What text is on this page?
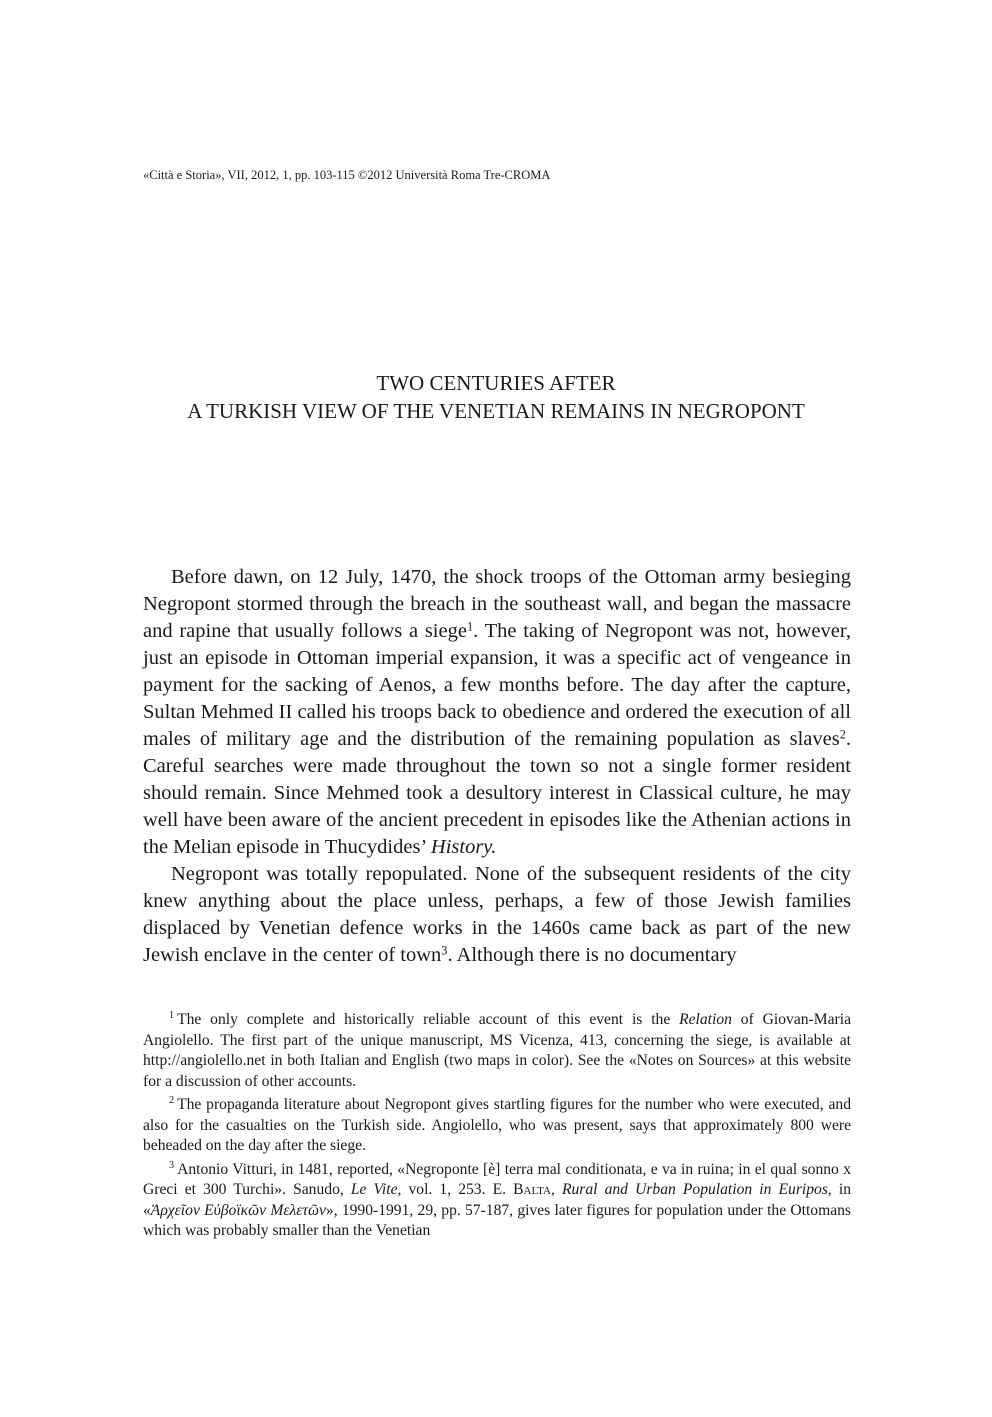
«Città e Storia», VII, 2012, 1, pp. 103-115 ©2012 Università Roma Tre-CROMA
TWO CENTURIES AFTER
A TURKISH VIEW OF THE VENETIAN REMAINS IN NEGROPONT

Before dawn, on 12 July, 1470, the shock troops of the Ottoman army besieging Negropont stormed through the breach in the southeast wall, and began the massacre and rapine that usually follows a siege$^1$. The taking of Negropont was not, however, just an episode in Ottoman imperial expansion, it was a specific act of vengeance in payment for the sacking of Aenos, a few months before. The day after the capture, Sultan Mehmed II called his troops back to obedience and ordered the execution of all males of military age and the distribution of the remaining population as slaves$^2$. Careful searches were made throughout the town so not a single former resident should remain. Since Mehmed took a desultory interest in Classical culture, he may well have been aware of the ancient precedent in episodes like the Athenian actions in the Melian episode in Thucydides’ History.

Negropont was totally repopulated. None of the subsequent residents of the city knew anything about the place unless, perhaps, a few of those Jewish families displaced by Venetian defence works in the 1460s came back as part of the new Jewish enclave in the center of town$^3$. Although there is no documentary

$^1$ The only complete and historically reliable account of this event is the Relation of Giovan-Maria Angiolello. The first part of the unique manuscript, MS Vicenza, 413, concerning the siege, is available at http://angiolello.net in both Italian and English (two maps in color). See the «Notes on Sources» at this website for a discussion of other accounts.

$^2$ The propaganda literature about Negropont gives startling figures for the number who were executed, and also for the casualties on the Turkish side. Angiolello, who was present, says that approximately 800 were beheaded on the day after the siege.

$^3$ Antonio Vitturi, in 1481, reported, «Negroponte [è] terra mal conditionata, e va in ruina; in el qual sonno x Greci et 300 Turchi». Sanudo, Le Vite, vol. 1, 253. E. Balta, Rural and Urban Population in Euripos, in «Ἀρχεῖον Εὐβοϊκῶν Μελετῶν», 1990-1991, 29, pp. 57-187, gives later figures for population under the Ottomans which was probably smaller than the Venetian
